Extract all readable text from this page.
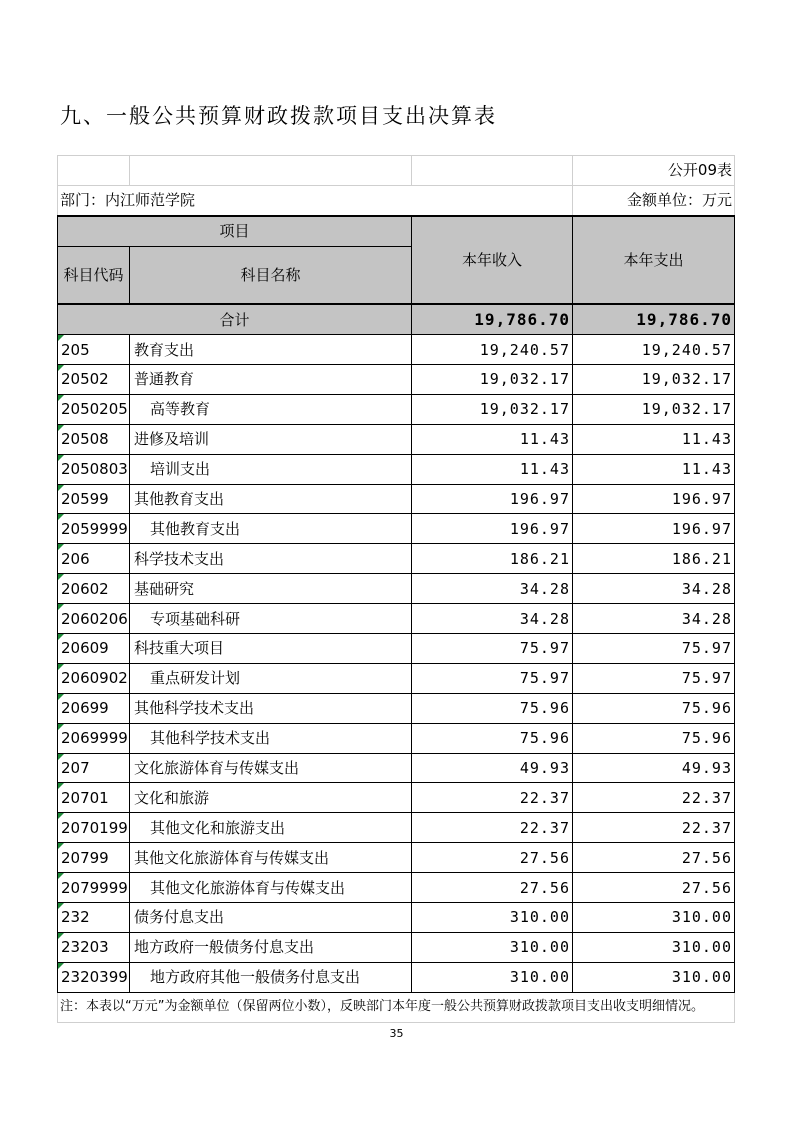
九、一般公共预算财政拨款项目支出决算表
			公开09表
部门：内江师范学院			金额单位：万元
项目		本年收入	本年支出
科目代码	科目名称		
合计		19,786.70	19,786.70
205	教育支出	19,240.57	19,240.57
20502	普通教育	19,032.17	19,032.17
2050205	高等教育	19,032.17	19,032.17
20508	进修及培训	11.43	11.43
2050803	培训支出	11.43	11.43
20599	其他教育支出	196.97	196.97
2059999	其他教育支出	196.97	196.97
206	科学技术支出	186.21	186.21
20602	基础研究	34.28	34.28
2060206	专项基础科研	34.28	34.28
20609	科技重大项目	75.97	75.97
2060902	重点研发计划	75.97	75.97
20699	其他科学技术支出	75.96	75.96
2069999	其他科学技术支出	75.96	75.96
207	文化旅游体育与传媒支出	49.93	49.93
20701	文化和旅游	22.37	22.37
2070199	其他文化和旅游支出	22.37	22.37
20799	其他文化旅游体育与传媒支出	27.56	27.56
2079999	其他文化旅游体育与传媒支出	27.56	27.56
232	债务付息支出	310.00	310.00
23203	地方政府一般债务付息支出	310.00	310.00
2320399	地方政府其他一般债务付息支出	310.00	310.00
注：本表以“万元”为金额单位（保留两位小数），反映部门本年度一般公共预算财政拨款项目支出收支明细情况。			
35
